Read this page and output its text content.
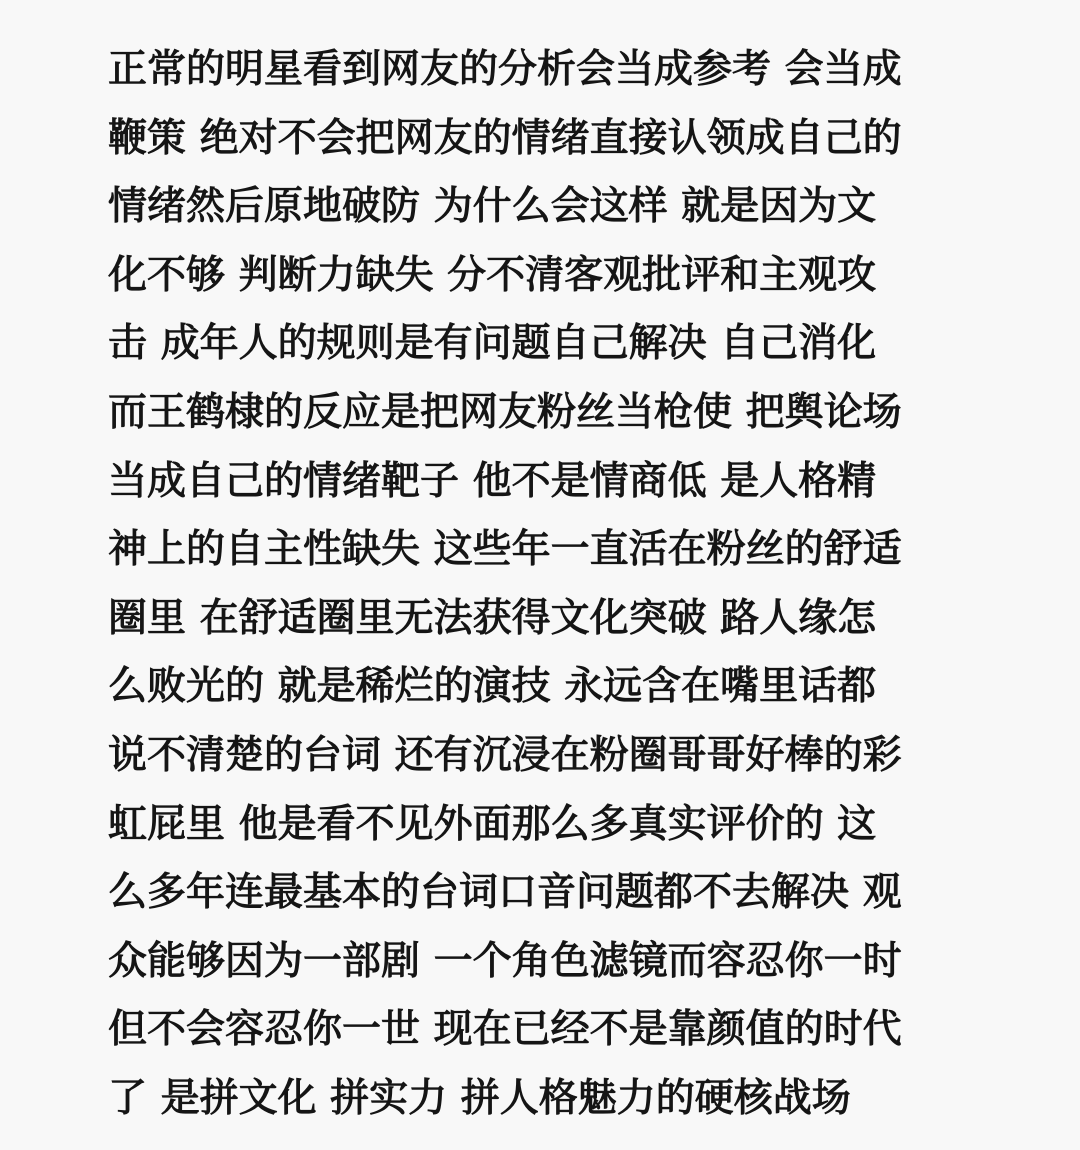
正常的明星看到网友的分析会当成参考 会当成
鞭策 绝对不会把网友的情绪直接认领成自己的
情绪然后原地破防 为什么会这样 就是因为文
化不够 判断力缺失 分不清客观批评和主观攻
击 成年人的规则是有问题自己解决 自己消化
而王鹤棣的反应是把网友粉丝当枪使 把舆论场
当成自己的情绪靶子 他不是情商低 是人格精
神上的自主性缺失 这些年一直活在粉丝的舒适
圈里 在舒适圈里无法获得文化突破 路人缘怎
么败光的 就是稀烂的演技 永远含在嘴里话都
说不清楚的台词 还有沉浸在粉圈哥哥好棒的彩
虹屁里 他是看不见外面那么多真实评价的 这
么多年连最基本的台词口音问题都不去解决 观
众能够因为一部剧 一个角色滤镜而容忍你一时
但不会容忍你一世 现在已经不是靠颜值的时代
了 是拼文化 拼实力 拼人格魅力的硬核战场
